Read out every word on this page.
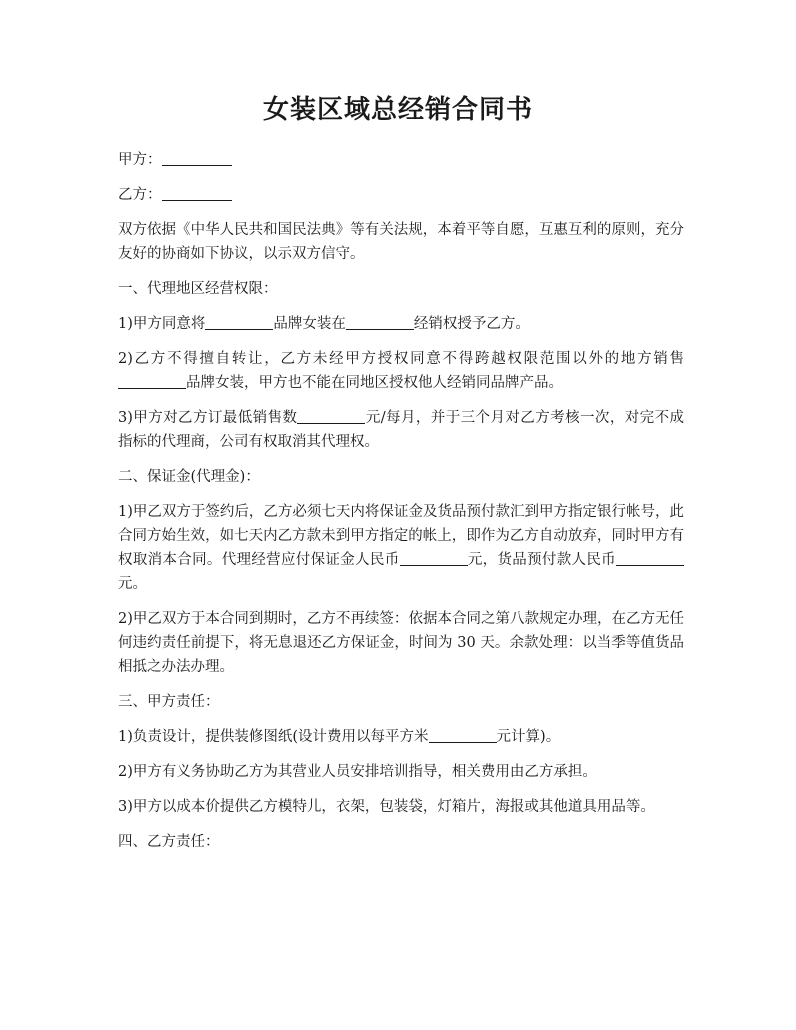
女装区域总经销合同书

甲方：

乙方：

双方依据《中华人民共和国民法典》等有关法规，本着平等自愿，互惠互利的原则，充分友好的协商如下协议，以示双方信守。

一、代理地区经营权限：

1)甲方同意将	品牌女装在	经销权授予乙方。

2)乙方不得擅自转让，乙方未经甲方授权同意不得跨越权限范围以外的地方销售品牌女装，甲方也不能在同地区授权他人经销同品牌产品。

3)甲方对乙方订最低销售数	元/每月，并于三个月对乙方考核一次，对完不成指标的代理商，公司有权取消其代理权。

二、保证金(代理金)：

1)甲乙双方于签约后，乙方必须七天内将保证金及货品预付款汇到甲方指定银行帐号，此合同方始生效，如七天内乙方款未到甲方指定的帐上，即作为乙方自动放弃，同时甲方有权取消本合同。代理经营应付保证金人民币	元，货品预付款人民币元。

2)甲乙双方于本合同到期时，乙方不再续签：依据本合同之第八款规定办理，在乙方无任何违约责任前提下，将无息退还乙方保证金，时间为 30 天。余款处理：以当季等值货品相抵之办法办理。

三、甲方责任：

1)负责设计，提供装修图纸(设计费用以每平方米	元计算)。

2)甲方有义务协助乙方为其营业人员安排培训指导，相关费用由乙方承担。

3)甲方以成本价提供乙方模特儿，衣架，包装袋，灯箱片，海报或其他道具用品等。

四、乙方责任：
